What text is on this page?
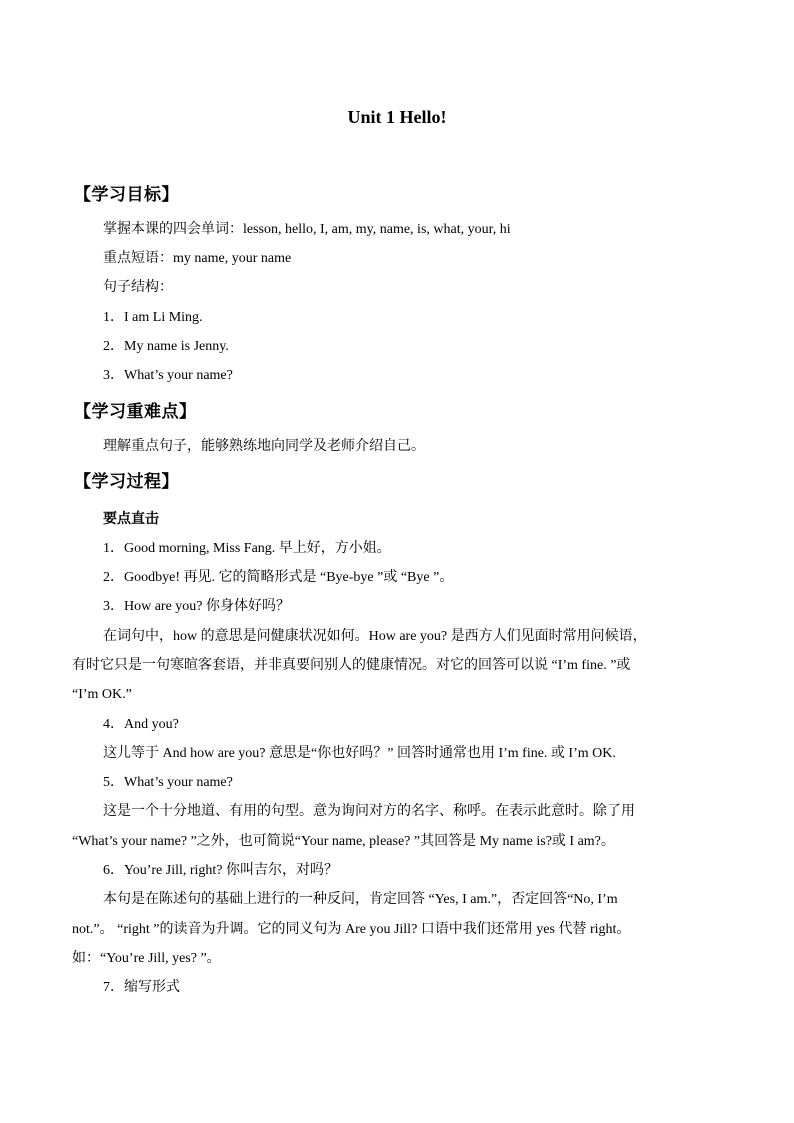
Unit 1 Hello!
【学习目标】
掌握本课的四会单词：lesson, hello, I, am, my, name, is, what, your, hi
重点短语：my name, your name
句子结构：
1．I am Li Ming.
2．My name is Jenny.
3．What’s your name?
【学习重难点】
理解重点句子，能够熟练地向同学及老师介绍自己。
【学习过程】
要点直击
1．Good morning, Miss Fang. 早上好，方小姐。
2．Goodbye! 再见. 它的简略形式是 “Bye-bye ”或 “Bye ”。
3．How are you? 你身体好吗？
在词句中，how 的意思是问健康状况如何。How are you? 是西方人们见面时常用问候语，
有时它只是一句寒暄客套语，并非真要问别人的健康情况。对它的回答可以说 “I’m fine. ”或
“I’m OK.”
4．And you?
这儿等于 And how are you? 意思是“你也好吗？” 回答时通常也用 I’m fine. 或 I’m OK.
5．What’s your name?
这是一个十分地道、有用的句型。意为询问对方的名字、称呼。在表示此意时。除了用
“What’s your name? ”之外，也可简说“Your name, please? ”其回答是 My name is?或 I am?。
6．You’re Jill, right? 你叫吉尔，对吗？
本句是在陈述句的基础上进行的一种反问，肯定回答 “Yes, I am.”，否定回答“No, I’m
not.”。 “right ”的读音为升调。它的同义句为 Are you Jill? 口语中我们还常用 yes 代替 right。
如：“You’re Jill, yes? ”。
7．缩写形式
